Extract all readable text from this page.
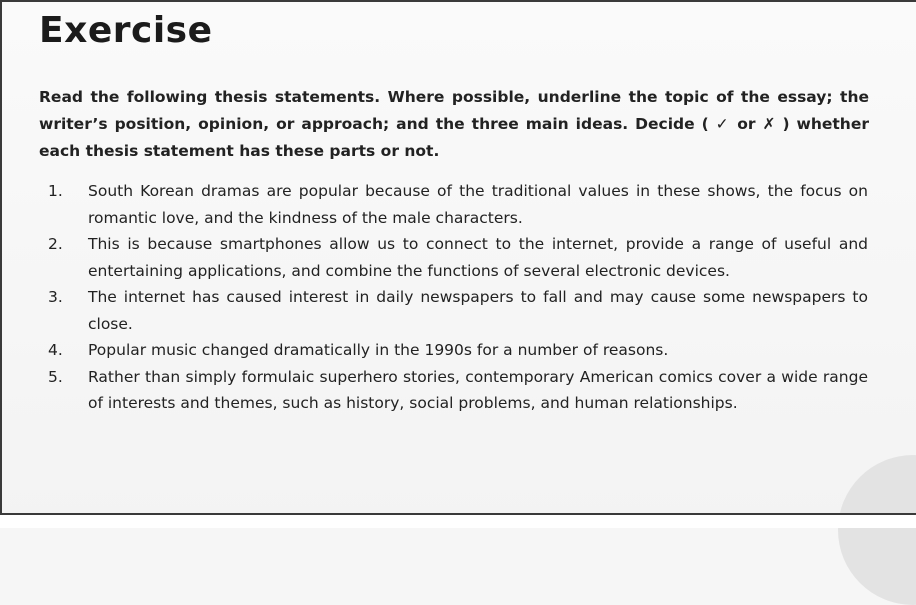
Exercise
Read the following thesis statements. Where possible, underline the topic of the essay; the writer’s position, opinion, or approach; and the three main ideas. Decide ( ✓ or ✗ ) whether each thesis statement has these parts or not.
1.	South Korean dramas are popular because of the traditional values in these shows, the focus on romantic love, and the kindness of the male characters.
2.	This is because smartphones allow us to connect to the internet, provide a range of useful and entertaining applications, and combine the functions of several electronic devices.
3.	The internet has caused interest in daily newspapers to fall and may cause some newspapers to close.
4.	Popular music changed dramatically in the 1990s for a number of reasons.
5.	Rather than simply formulaic superhero stories, contemporary American comics cover a wide range of interests and themes, such as history, social problems, and human relationships.
